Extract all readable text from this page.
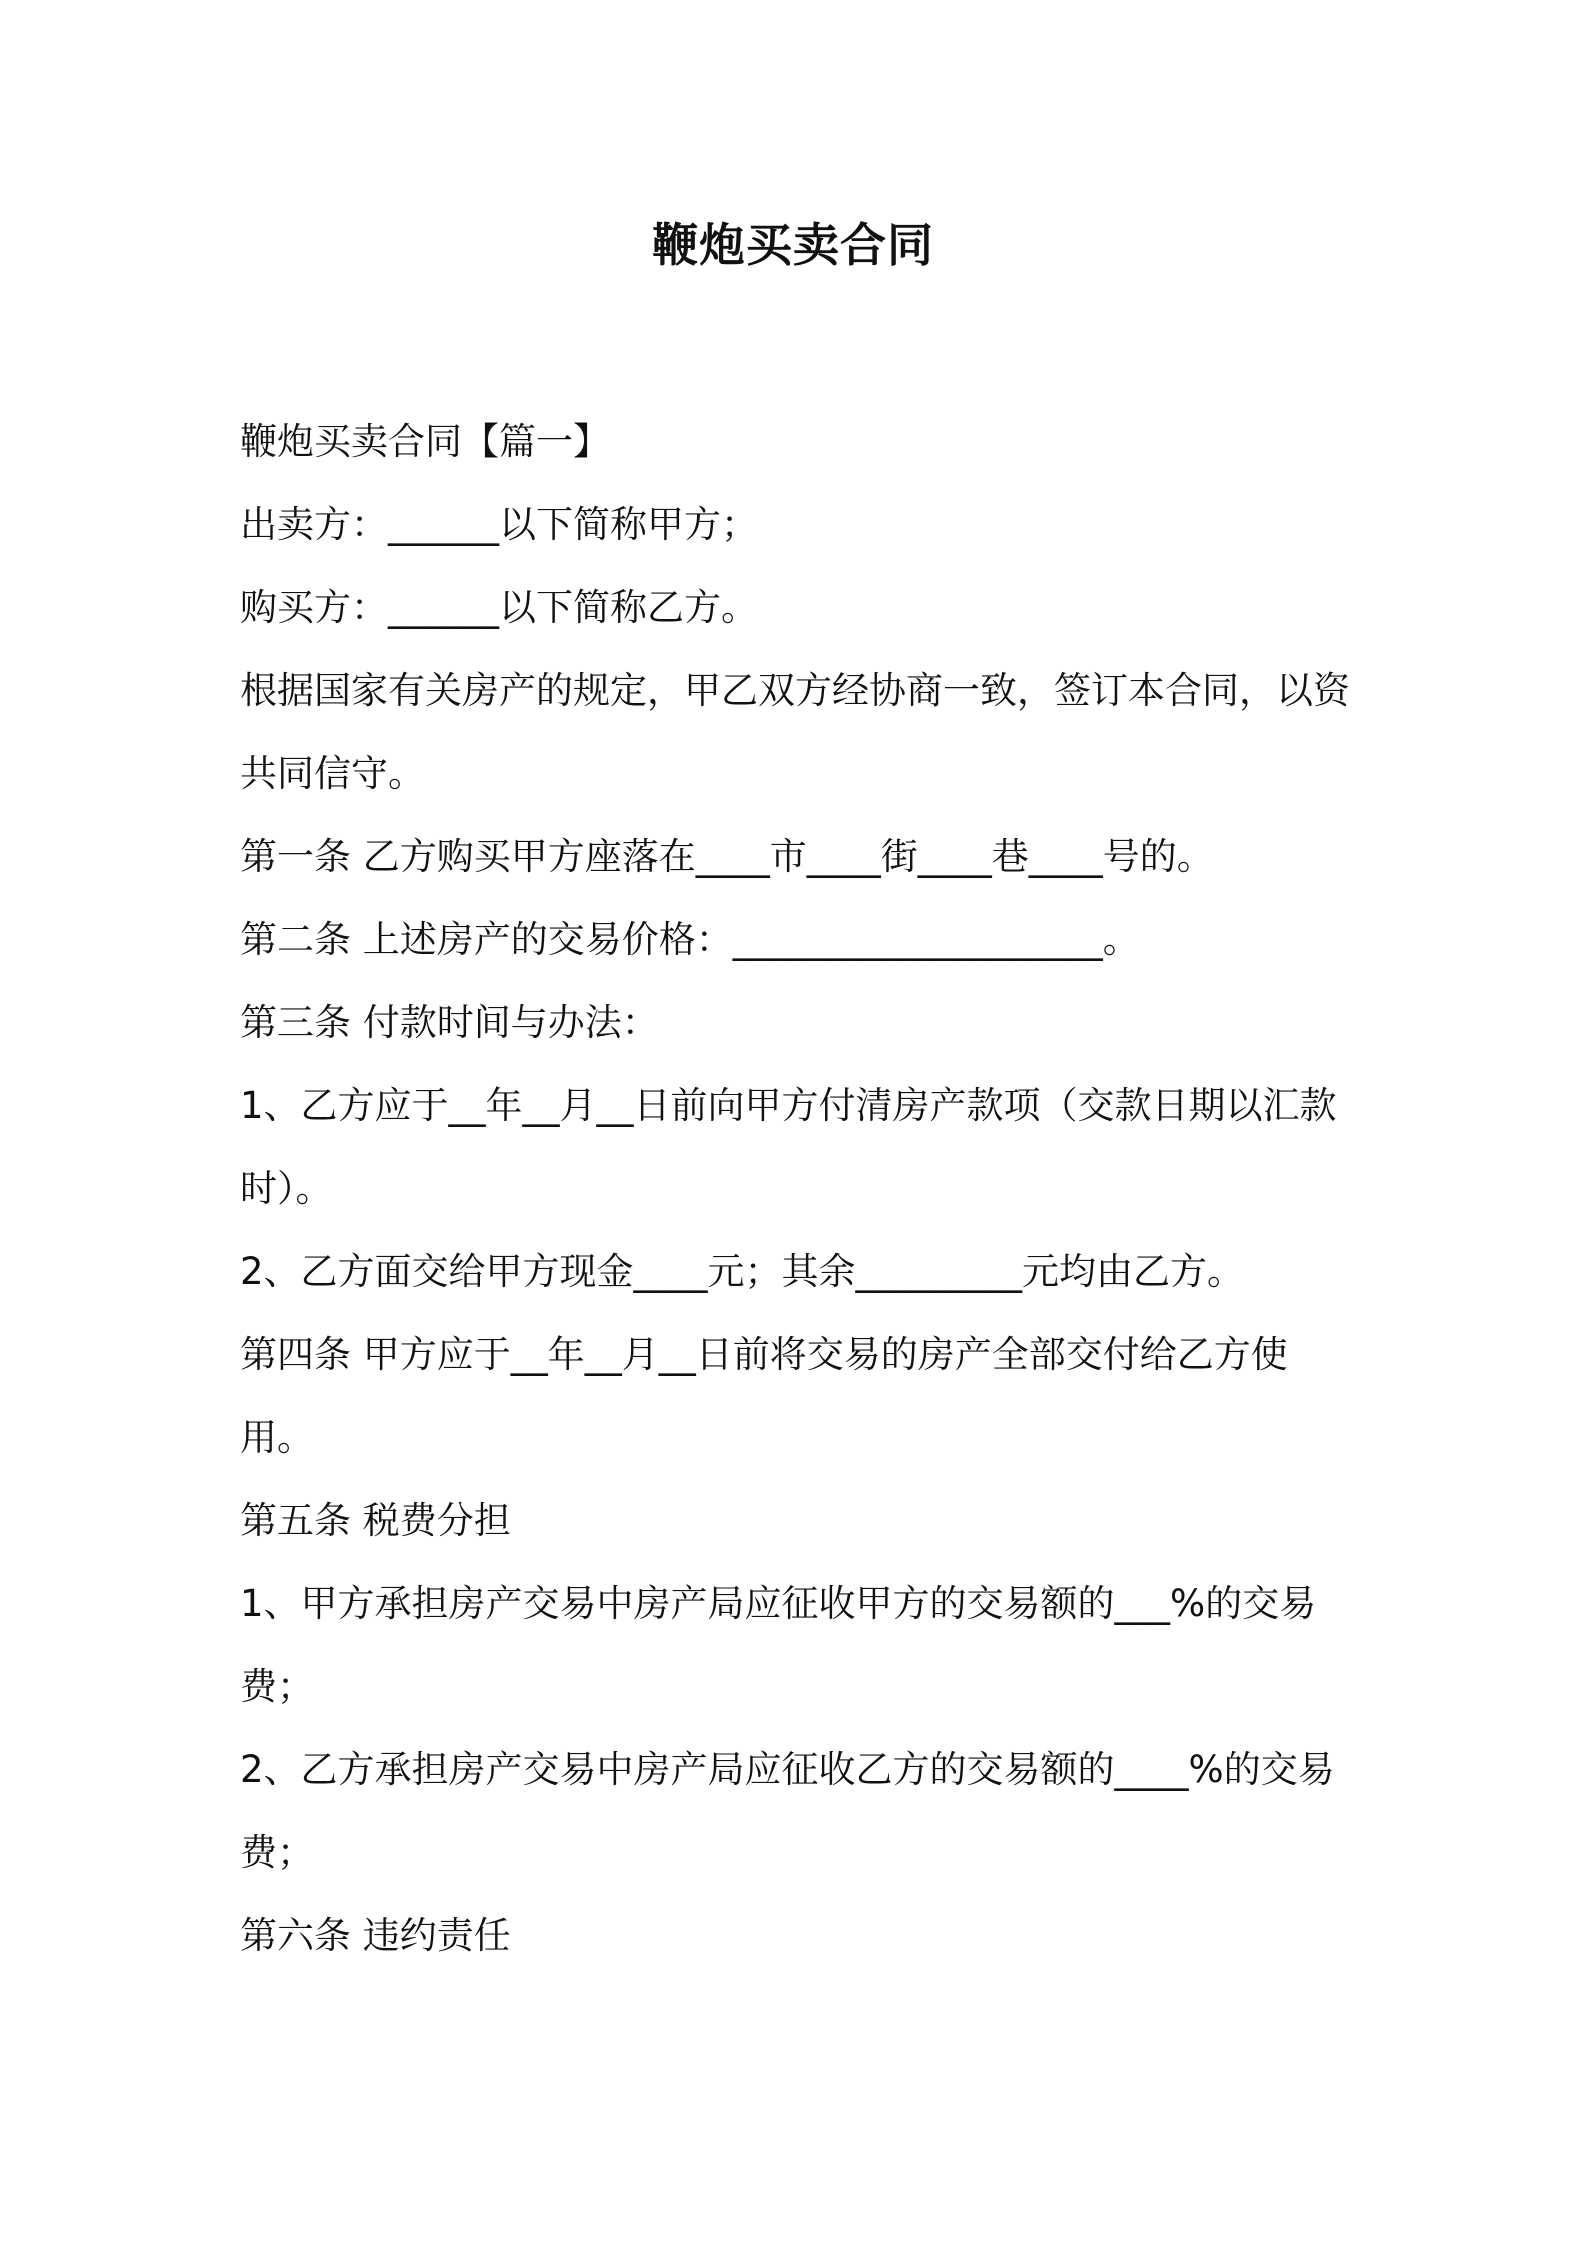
鞭炮买卖合同
鞭炮买卖合同【篇一】
出卖方：______以下简称甲方；
购买方：______以下简称乙方。
根据国家有关房产的规定，甲乙双方经协商一致，签订本合同，以资
共同信守。
第一条 乙方购买甲方座落在____市____街____巷____号的。
第二条 上述房产的交易价格：____________________。
第三条 付款时间与办法：
1、乙方应于__年__月__日前向甲方付清房产款项（交款日期以汇款
时）。
2、乙方面交给甲方现金____元；其余_________元均由乙方。
第四条 甲方应于__年__月__日前将交易的房产全部交付给乙方使
用。
第五条 税费分担
1、甲方承担房产交易中房产局应征收甲方的交易额的___%的交易
费；
2、乙方承担房产交易中房产局应征收乙方的交易额的____%的交易
费；
第六条 违约责任
